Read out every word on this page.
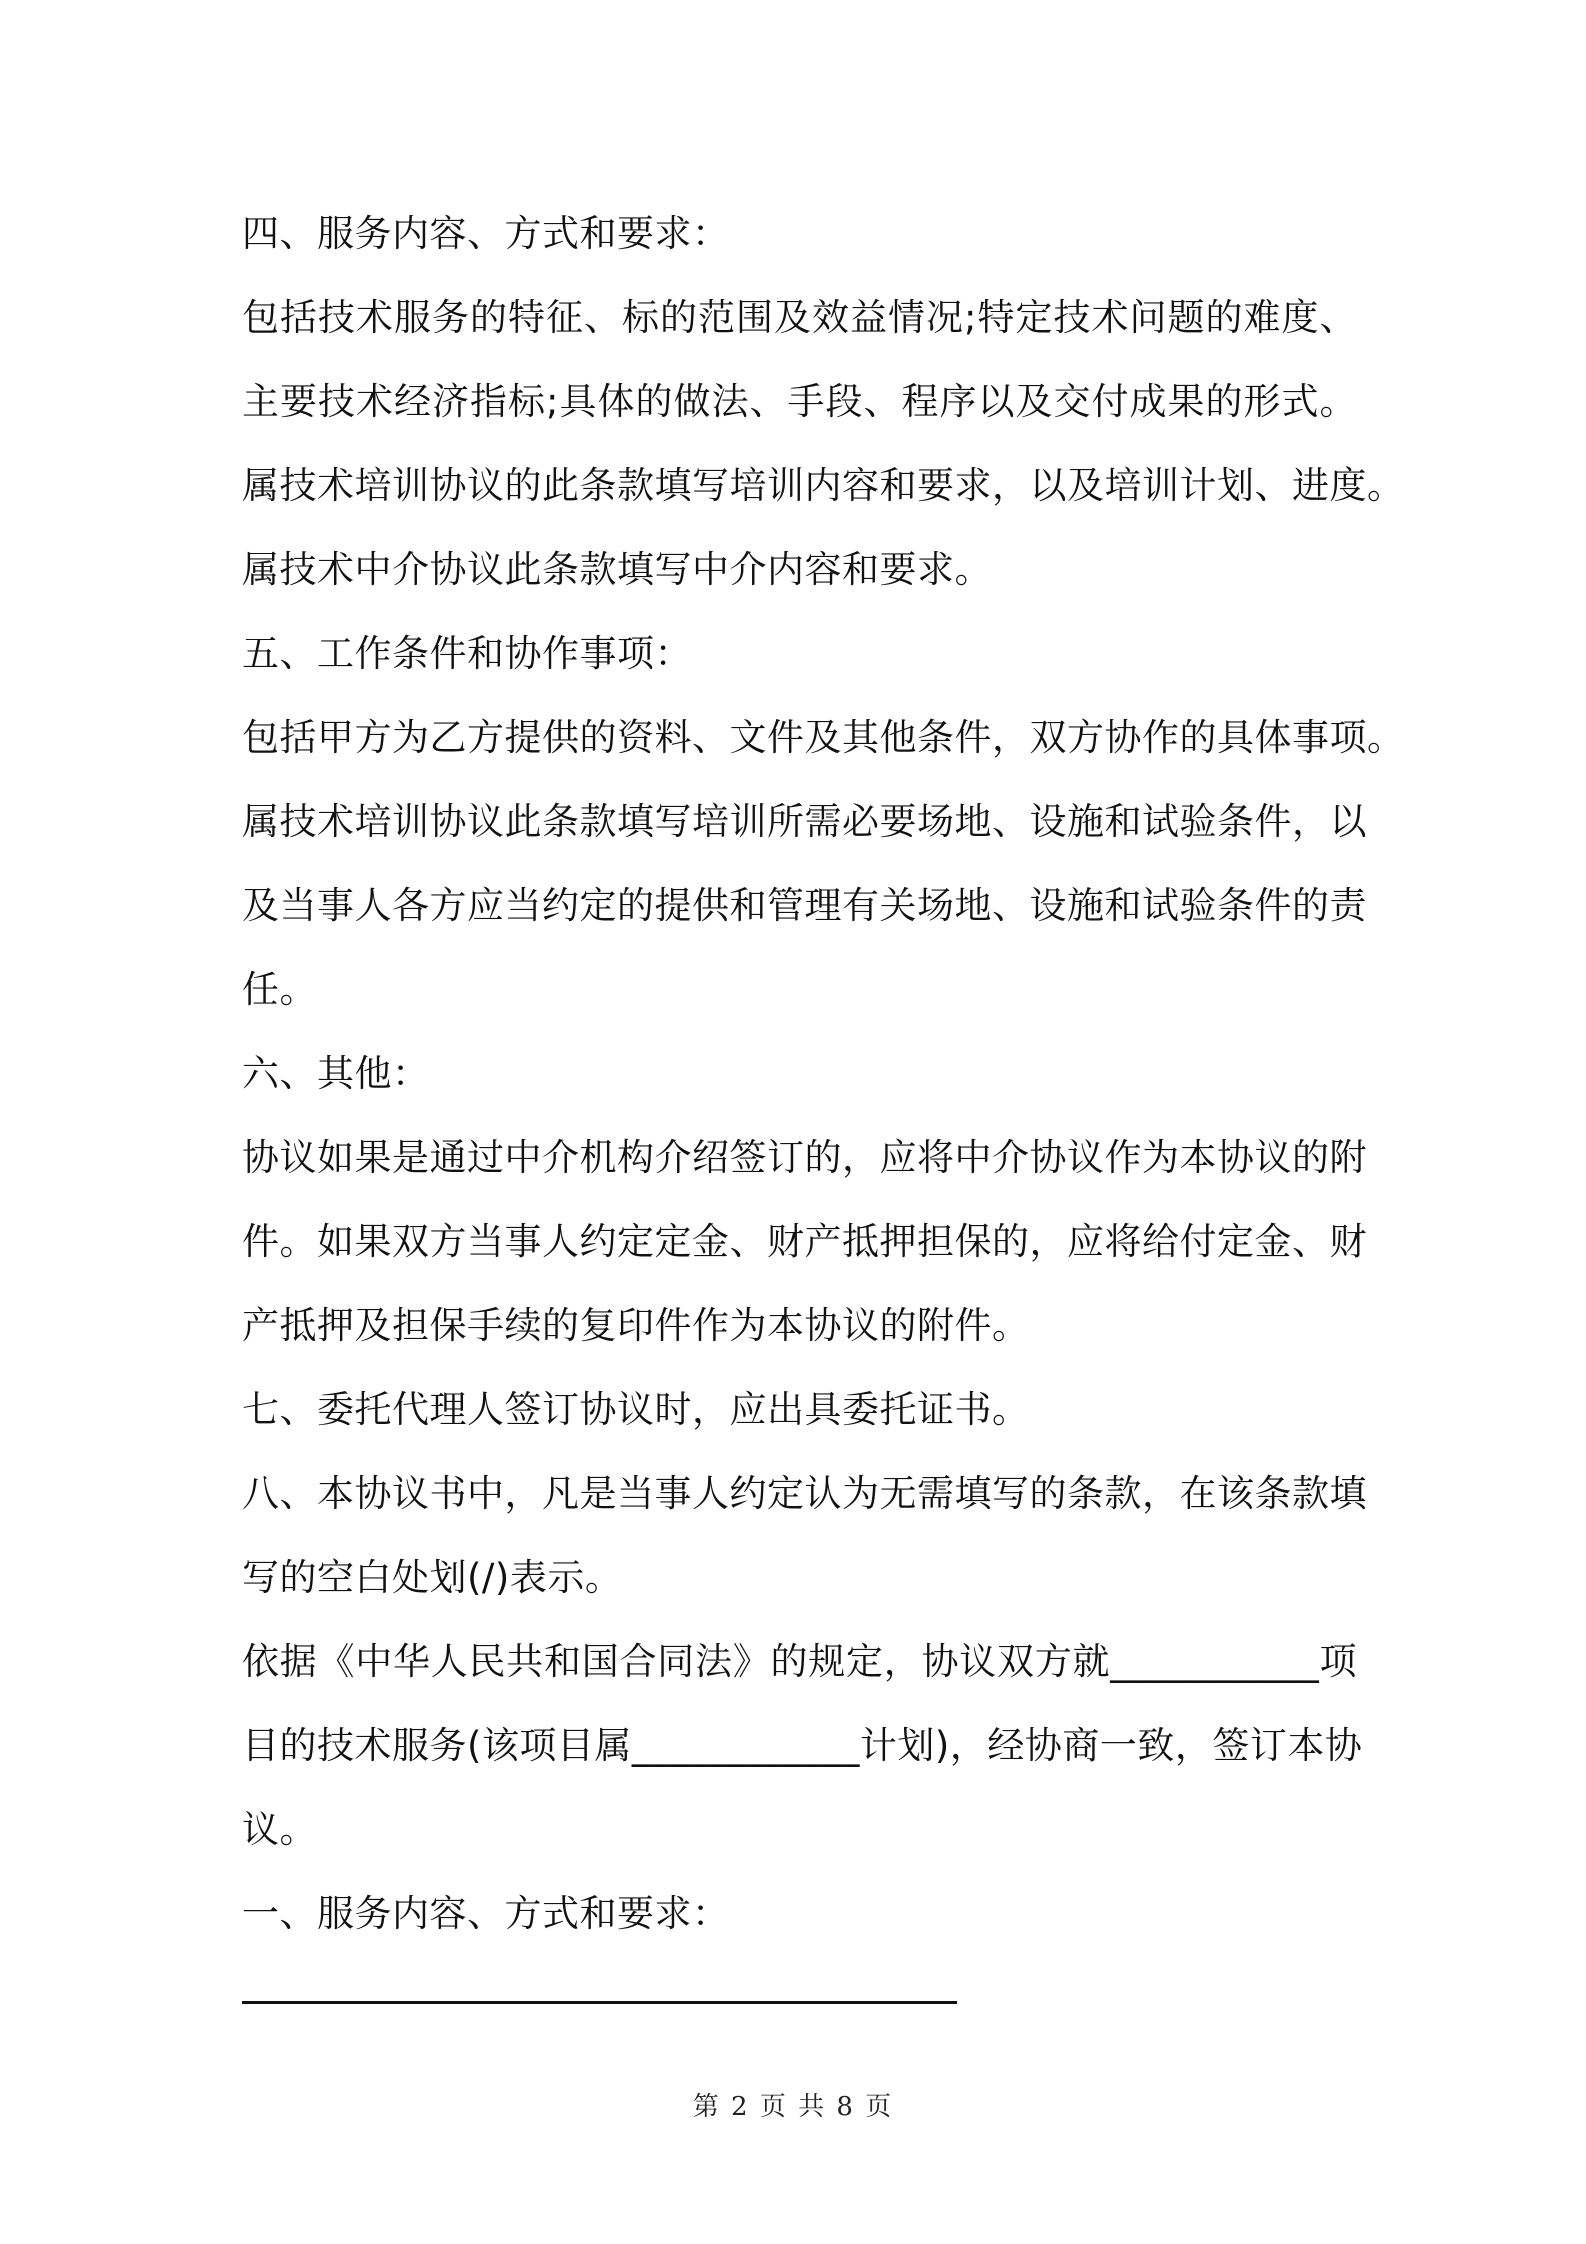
四、服务内容、方式和要求：
包括技术服务的特征、标的范围及效益情况;特定技术问题的难度、
主要技术经济指标;具体的做法、手段、程序以及交付成果的形式。
属技术培训协议的此条款填写培训内容和要求，以及培训计划、进度。
属技术中介协议此条款填写中介内容和要求。
五、工作条件和协作事项：
包括甲方为乙方提供的资料、文件及其他条件，双方协作的具体事项。
属技术培训协议此条款填写培训所需必要场地、设施和试验条件，以
及当事人各方应当约定的提供和管理有关场地、设施和试验条件的责
任。
六、其他：
协议如果是通过中介机构介绍签订的，应将中介协议作为本协议的附
件。如果双方当事人约定定金、财产抵押担保的，应将给付定金、财
产抵押及担保手续的复印件作为本协议的附件。
七、委托代理人签订协议时，应出具委托证书。
八、本协议书中，凡是当事人约定认为无需填写的条款，在该条款填
写的空白处划(/)表示。
依据《中华人民共和国合同法》的规定，协议双方就___________项
目的技术服务(该项目属____________计划)，经协商一致，签订本协
议。
一、服务内容、方式和要求：
第 2 页 共 8 页
